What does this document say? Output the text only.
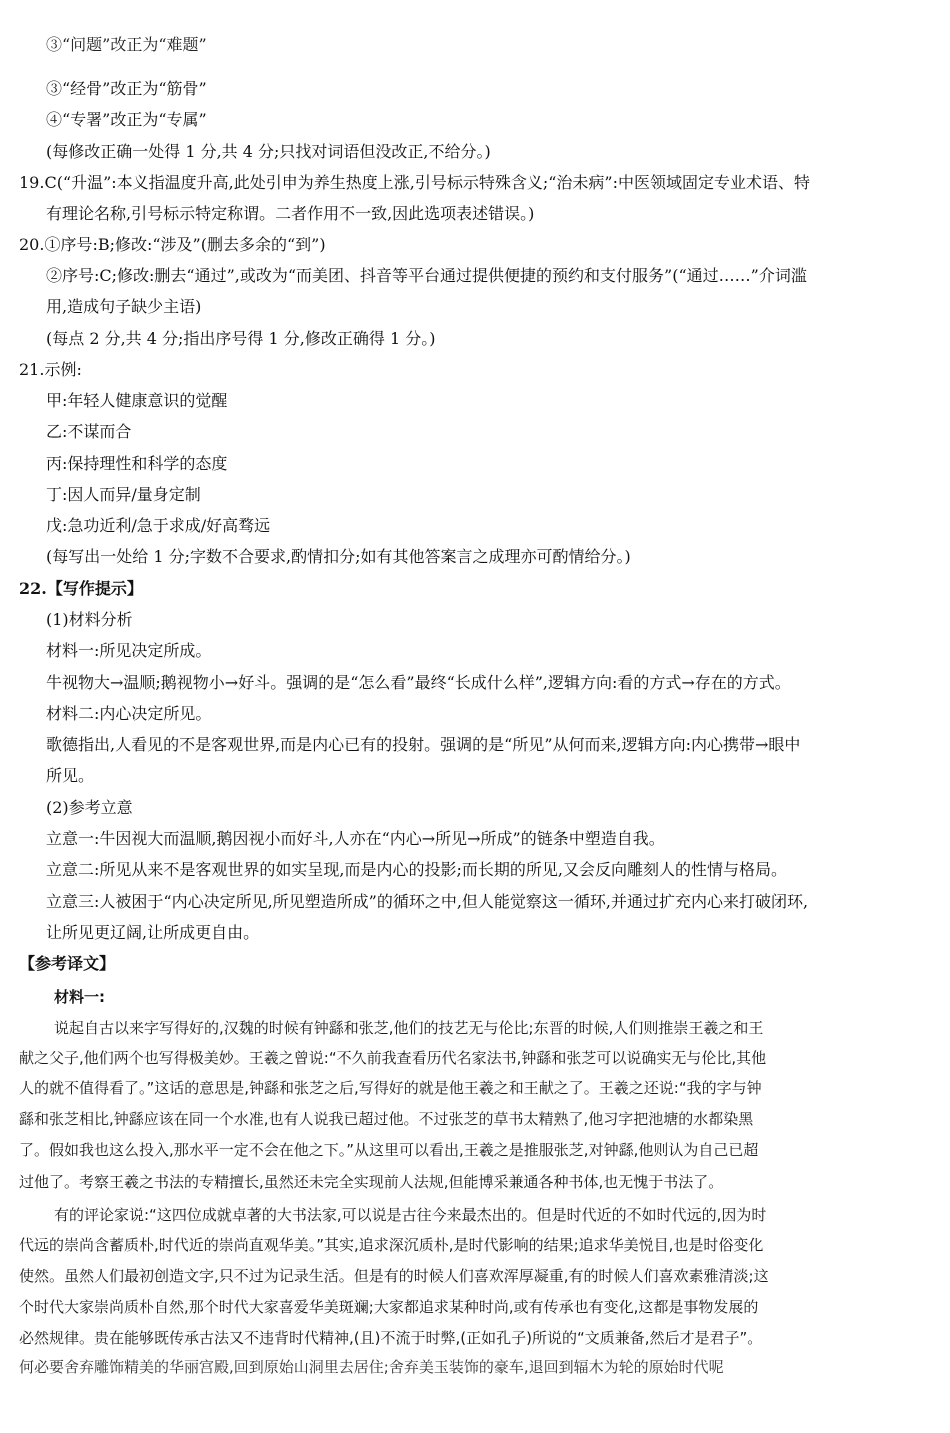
③“问题”改正为“难题”
③“经骨”改正为“筋骨”
④“专署”改正为“专属”
(每修改正确一处得 1 分,共 4 分;只找对词语但没改正,不给分。)
19.C(“升温”:本义指温度升高,此处引申为养生热度上涨,引号标示特殊含义;“治未病”:中医领域固定专业术语、特
有理论名称,引号标示特定称谓。二者作用不一致,因此选项表述错误。)
20.①序号:B;修改:“涉及”(删去多余的“到”)
②序号:C;修改:删去“通过”,或改为“而美团、抖音等平台通过提供便捷的预约和支付服务”(“通过……”介词滥
用,造成句子缺少主语)
(每点 2 分,共 4 分;指出序号得 1 分,修改正确得 1 分。)
21.示例:
甲:年轻人健康意识的觉醒
乙:不谋而合
丙:保持理性和科学的态度
丁:因人而异/量身定制
戊:急功近利/急于求成/好高骛远
(每写出一处给 1 分;字数不合要求,酌情扣分;如有其他答案言之成理亦可酌情给分。)
22.【写作提示】
(1)材料分析
材料一:所见决定所成。
牛视物大→温顺;鹅视物小→好斗。强调的是“怎么看”最终“长成什么样”,逻辑方向:看的方式→存在的方式。
材料二:内心决定所见。
歌德指出,人看见的不是客观世界,而是内心已有的投射。强调的是“所见”从何而来,逻辑方向:内心携带→眼中
所见。
(2)参考立意
立意一:牛因视大而温顺,鹅因视小而好斗,人亦在“内心→所见→所成”的链条中塑造自我。
立意二:所见从来不是客观世界的如实呈现,而是内心的投影;而长期的所见,又会反向雕刻人的性情与格局。
立意三:人被困于“内心决定所见,所见塑造所成”的循环之中,但人能觉察这一循环,并通过扩充内心来打破闭环,
让所见更辽阔,让所成更自由。
【参考译文】
材料一:
说起自古以来字写得好的,汉魏的时候有钟繇和张芝,他们的技艺无与伦比;东晋的时候,人们则推崇王羲之和王
献之父子,他们两个也写得极美妙。王羲之曾说:“不久前我查看历代名家法书,钟繇和张芝可以说确实无与伦比,其他
人的就不值得看了。”这话的意思是,钟繇和张芝之后,写得好的就是他王羲之和王献之了。王羲之还说:“我的字与钟
繇和张芝相比,钟繇应该在同一个水准,也有人说我已超过他。不过张芝的草书太精熟了,他习字把池塘的水都染黑
了。假如我也这么投入,那水平一定不会在他之下。”从这里可以看出,王羲之是推服张芝,对钟繇,他则认为自己已超
过他了。考察王羲之书法的专精擅长,虽然还未完全实现前人法规,但能博采兼通各种书体,也无愧于书法了。
有的评论家说:“这四位成就卓著的大书法家,可以说是古往今来最杰出的。但是时代近的不如时代远的,因为时
代远的崇尚含蓄质朴,时代近的崇尚直观华美。”其实,追求深沉质朴,是时代影响的结果;追求华美悦目,也是时俗变化
使然。虽然人们最初创造文字,只不过为记录生活。但是有的时候人们喜欢浑厚凝重,有的时候人们喜欢素雅清淡;这
个时代大家崇尚质朴自然,那个时代大家喜爱华美斑斓;大家都追求某种时尚,或有传承也有变化,这都是事物发展的
必然规律。贵在能够既传承古法又不违背时代精神,(且)不流于时弊,(正如孔子)所说的“文质兼备,然后才是君子”。
何必要舍弃雕饰精美的华丽宫殿,回到原始山洞里去居住;舍弃美玉装饰的豪车,退回到辐木为轮的原始时代呢
